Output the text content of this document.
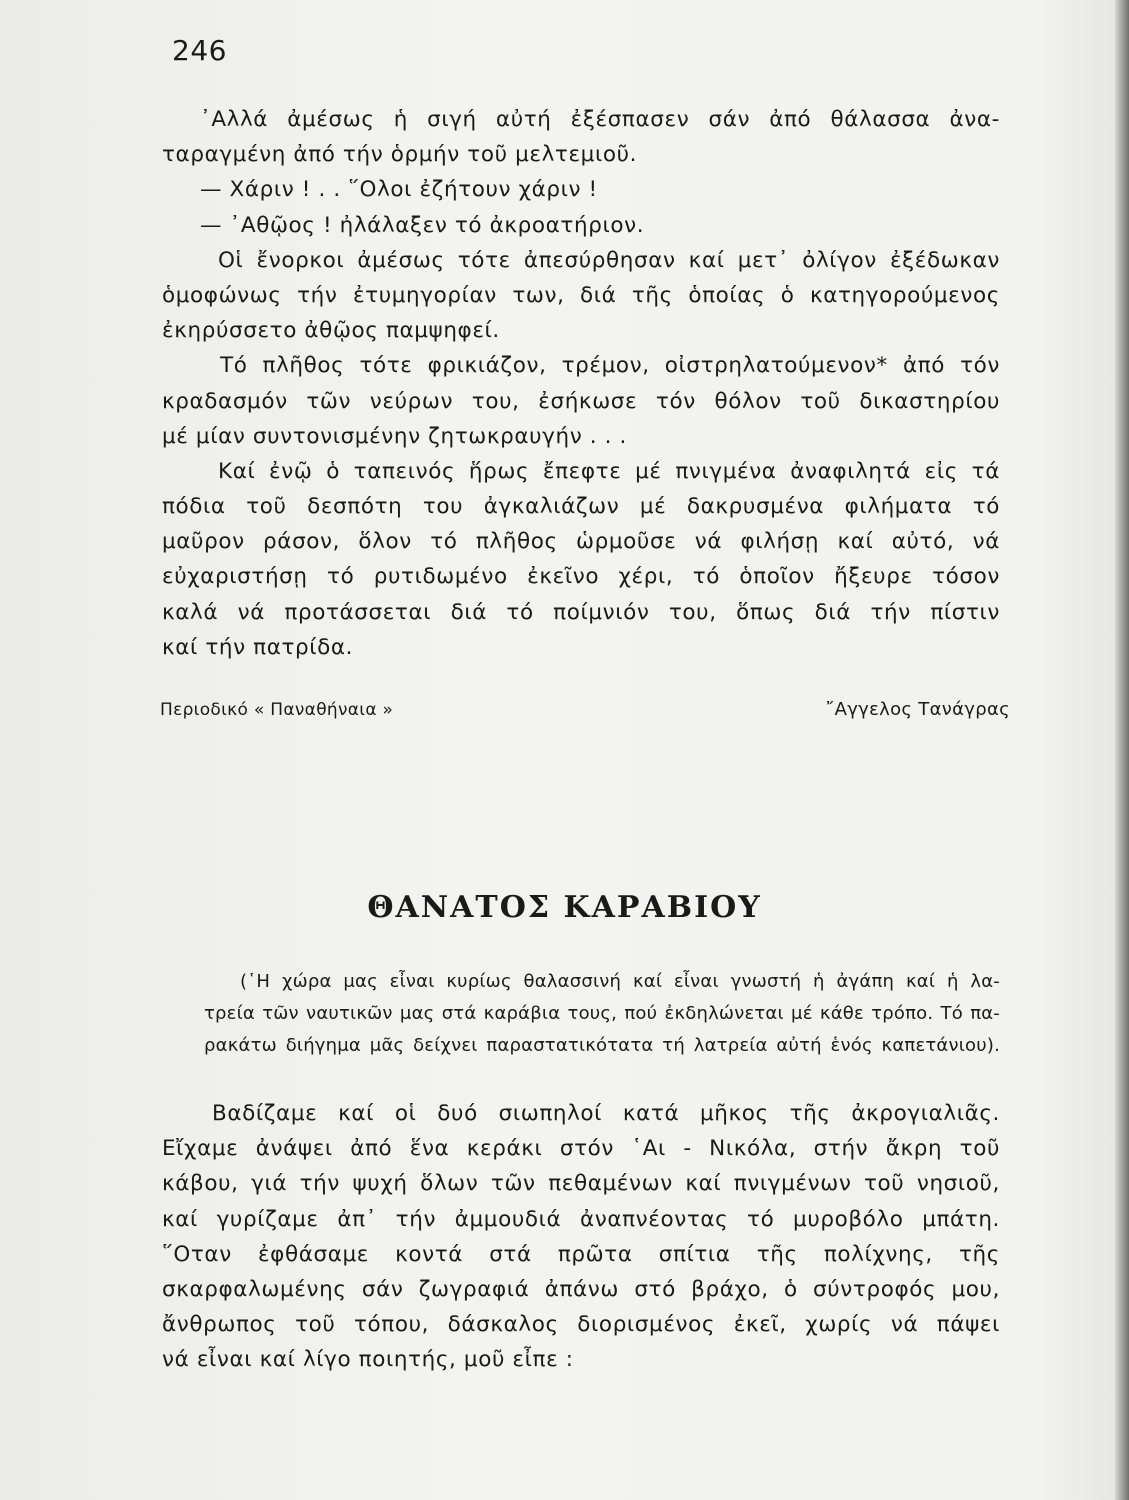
246
᾿Αλλά ἀμέσως ἡ σιγή αὐτή ἐξέσπασεν σάν ἀπό θάλασσα ἀνα-
ταραγμένη ἀπό τήν ὁρμήν τοῦ μελτεμιοῦ.
— Χάριν ! . . ῞Ολοι ἐζήτουν χάριν !
— ᾿Αθῷος ! ἠλάλαξεν τό ἀκροατήριον.
Οἱ ἔνορκοι ἀμέσως τότε ἀπεσύρθησαν καί μετ᾿ ὀλίγον ἐξέδωκαν
ὁμοφώνως τήν ἐτυμηγορίαν των, διά τῆς ὁποίας ὁ κατηγορούμενος
ἐκηρύσσετο ἀθῷος παμψηφεί.
Τό πλῆθος τότε φρικιάζον, τρέμον, οἰστρηλατούμενον* ἀπό τόν
κραδασμόν τῶν νεύρων του, ἐσήκωσε τόν θόλον τοῦ δικαστηρίου
μέ μίαν συντονισμένην ζητωκραυγήν . . .
Καί ἐνῷ ὁ ταπεινός ἥρως ἔπεφτε μέ πνιγμένα ἀναφιλητά εἰς τά
πόδια τοῦ δεσπότη του ἀγκαλιάζων μέ δακρυσμένα φιλήματα τό
μαῦρον ράσον, ὅλον τό πλῆθος ὡρμοῦσε νά φιλήσῃ καί αὐτό, νά
εὐχαριστήσῃ τό ρυτιδωμένο ἐκεῖνο χέρι, τό ὁποῖον ἤξευρε τόσον
καλά νά προτάσσεται διά τό ποίμνιόν του, ὅπως διά τήν πίστιν
καί τήν πατρίδα.
Περιοδικό « Παναθήναια »	῎Αγγελος Τανάγρας
ΘΑΝΑΤΟΣ ΚΑΡΑΒΙΟΥ
(῾Η χώρα μας εἶναι κυρίως θαλασσινή καί εἶναι γνωστή ἡ ἀγάπη καί ἡ λα-
τρεία τῶν ναυτικῶν μας στά καράβια τους, πού ἐκδηλώνεται μέ κάθε τρόπο. Τό πα-
ρακάτω διήγημα μᾶς δείχνει παραστατικότατα τή λατρεία αὐτή ἑνός καπετάνιου).
Βαδίζαμε καί οἱ δυό σιωπηλοί κατά μῆκος τῆς ἀκρογιαλιᾶς.
Εἴχαμε ἀνάψει ἀπό ἕνα κεράκι στόν ῾Αι - Νικόλα, στήν ἄκρη τοῦ
κάβου, γιά τήν ψυχή ὅλων τῶν πεθαμένων καί πνιγμένων τοῦ νησιοῦ,
καί γυρίζαμε ἀπ᾿ τήν ἀμμουδιά ἀναπνέοντας τό μυροβόλο μπάτη.
῞Οταν ἐφθάσαμε κοντά στά πρῶτα σπίτια τῆς πολίχνης, τῆς
σκαρφαλωμένης σάν ζωγραφιά ἀπάνω στό βράχο, ὁ σύντροφός μου,
ἄνθρωπος τοῦ τόπου, δάσκαλος διορισμένος ἐκεῖ, χωρίς νά πάψει
νά εἶναι καί λίγο ποιητής, μοῦ εἶπε :
